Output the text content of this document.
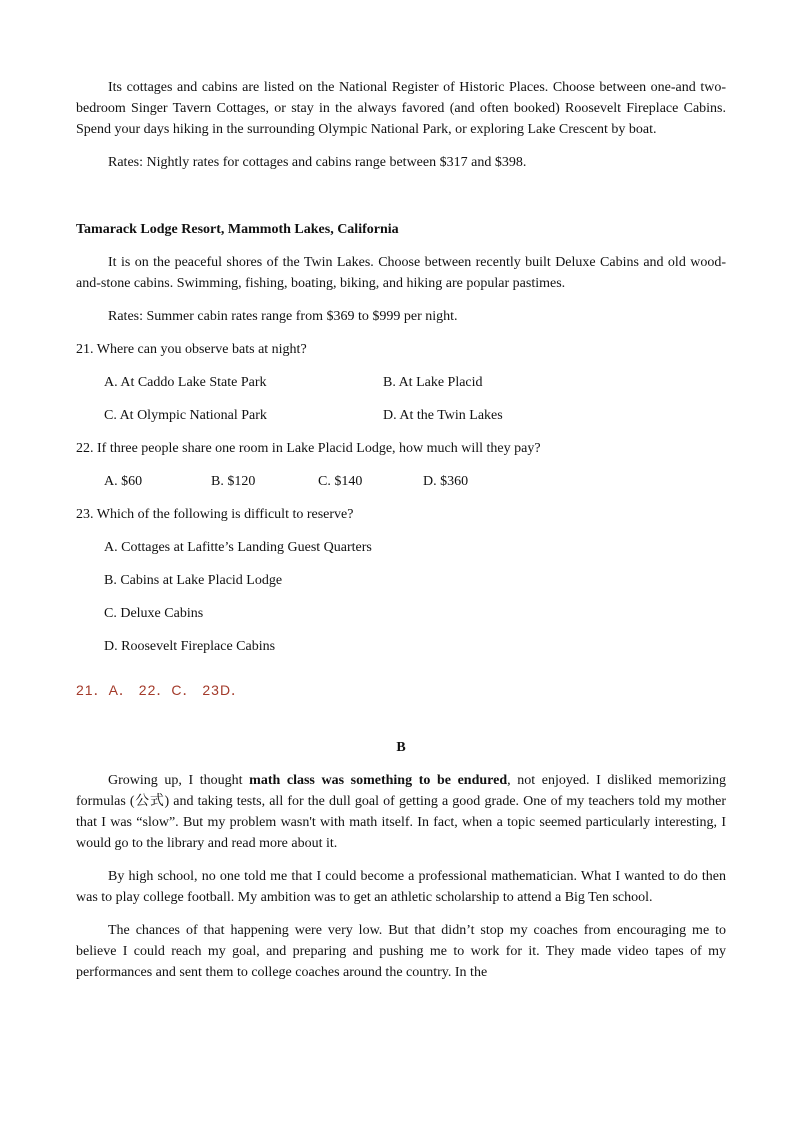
Its cottages and cabins are listed on the National Register of Historic Places. Choose between one-and two-bedroom Singer Tavern Cottages, or stay in the always favored (and often booked) Roosevelt Fireplace Cabins. Spend your days hiking in the surrounding Olympic National Park, or exploring Lake Crescent by boat.

Rates: Nightly rates for cottages and cabins range between $317 and $398.

Tamarack Lodge Resort, Mammoth Lakes, California

It is on the peaceful shores of the Twin Lakes. Choose between recently built Deluxe Cabins and old wood-and-stone cabins. Swimming, fishing, boating, biking, and hiking are popular pastimes.

Rates: Summer cabin rates range from $369 to $999 per night.

21. Where can you observe bats at night?

A. At Caddo Lake State Park	B. At Lake Placid
C. At Olympic National Park	D. At the Twin Lakes

22. If three people share one room in Lake Placid Lodge, how much will they pay?

A. $60	B. $120	C. $140	D. $360

23. Which of the following is difficult to reserve?

A. Cottages at Lafitte’s Landing Guest Quarters

B. Cabins at Lake Placid Lodge

C. Deluxe Cabins

D. Roosevelt Fireplace Cabins

21．A． 22．C． 23D．

B

Growing up, I thought math class was something to be endured, not enjoyed. I disliked memorizing formulas (公式) and taking tests, all for the dull goal of getting a good grade. One of my teachers told my mother that I was “slow”. But my problem wasn't with math itself. In fact, when a topic seemed particularly interesting, I would go to the library and read more about it.

By high school, no one told me that I could become a professional mathematician. What I wanted to do then was to play college football. My ambition was to get an athletic scholarship to attend a Big Ten school.

The chances of that happening were very low. But that didn’t stop my coaches from encouraging me to believe I could reach my goal, and preparing and pushing me to work for it. They made video tapes of my performances and sent them to college coaches around the country. In the
